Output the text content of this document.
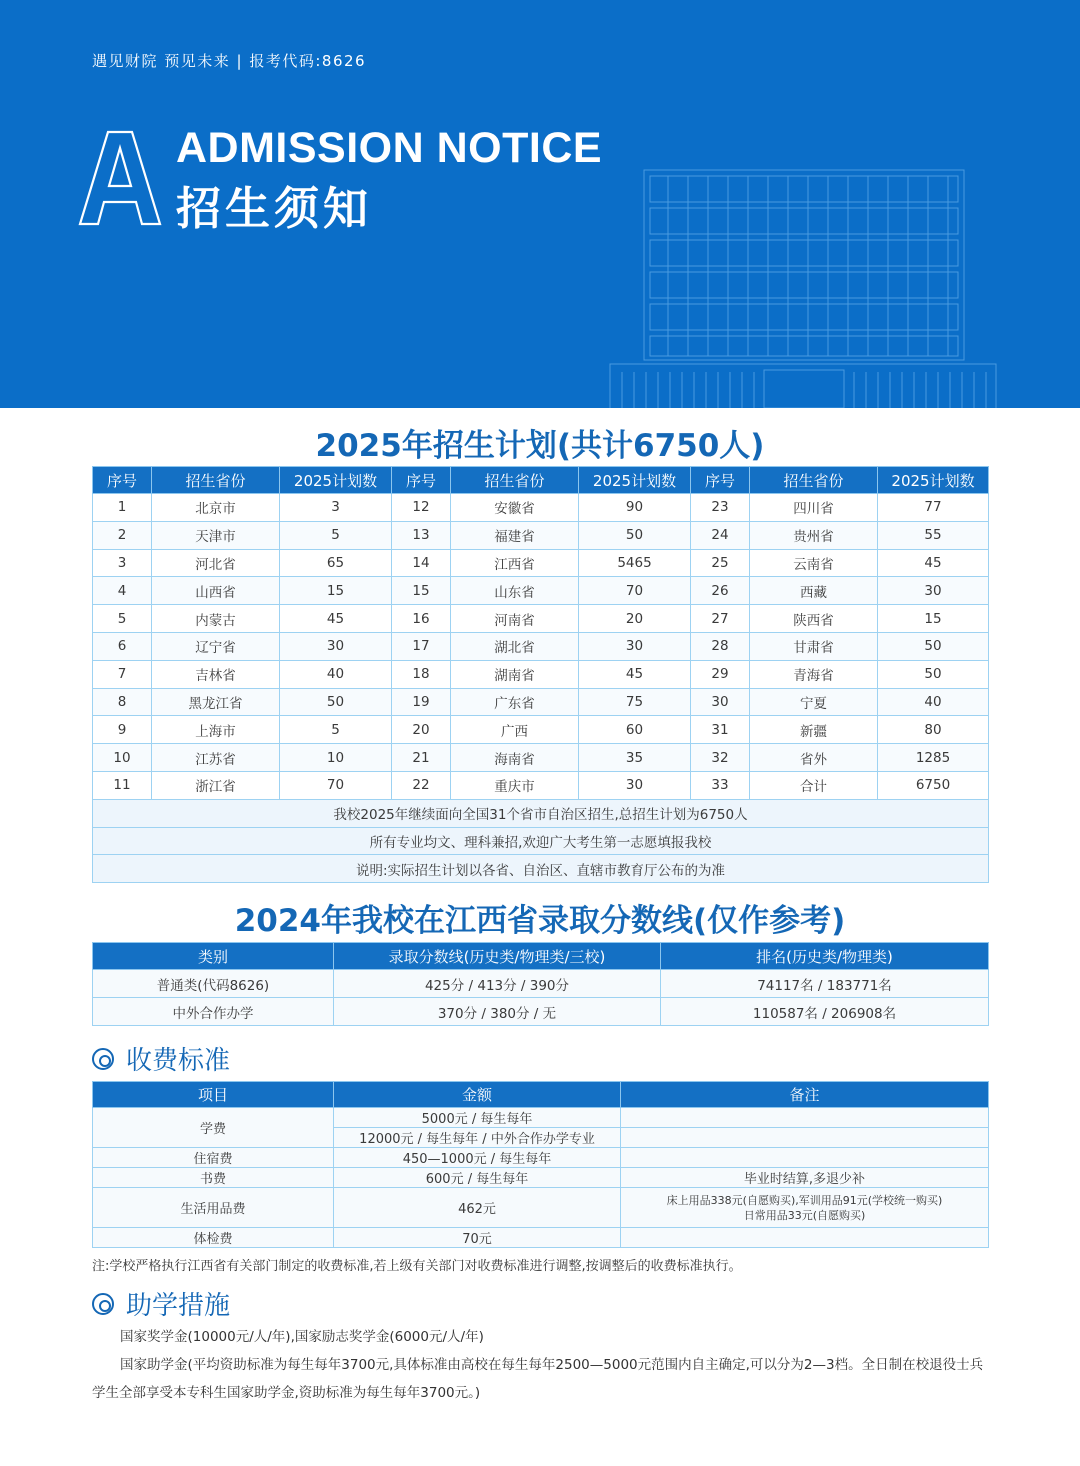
遇见财院 预见未来 | 报考代码:8626
ADMISSION NOTICE
招生须知
2025年招生计划(共计6750人)
序号	招生省份	2025计划数	序号	招生省份	2025计划数	序号	招生省份	2025计划数
1	北京市	3	12	安徽省	90	23	四川省	77
2	天津市	5	13	福建省	50	24	贵州省	55
3	河北省	65	14	江西省	5465	25	云南省	45
4	山西省	15	15	山东省	70	26	西藏	30
5	内蒙古	45	16	河南省	20	27	陕西省	15
6	辽宁省	30	17	湖北省	30	28	甘肃省	50
7	吉林省	40	18	湖南省	45	29	青海省	50
8	黑龙江省	50	19	广东省	75	30	宁夏	40
9	上海市	5	20	广西	60	31	新疆	80
10	江苏省	10	21	海南省	35	32	省外	1285
11	浙江省	70	22	重庆市	30	33	合计	6750
我校2025年继续面向全国31个省市自治区招生,总招生计划为6750人								
所有专业均文、理科兼招,欢迎广大考生第一志愿填报我校								
说明:实际招生计划以各省、自治区、直辖市教育厅公布的为准								
2024年我校在江西省录取分数线(仅作参考)
类别	录取分数线(历史类/物理类/三校)	排名(历史类/物理类)
普通类(代码8626)	425分 / 413分 / 390分	74117名 / 183771名
中外合作办学	370分 / 380分 / 无	110587名 / 206908名
收费标准
项目	金额	备注
学费	5000元 / 每生每年	
	12000元 / 每生每年 / 中外合作办学专业	
住宿费	450—1000元 / 每生每年	
书费	600元 / 每生每年	毕业时结算,多退少补
生活用品费	462元	床上用品338元(自愿购买),军训用品91元(学校统一购买)
日常用品33元(自愿购买)

体检费	70元	
注:学校严格执行江西省有关部门制定的收费标准,若上级有关部门对收费标准进行调整,按调整后的收费标准执行。
助学措施
国家奖学金(10000元/人/年),国家励志奖学金(6000元/人/年)
国家助学金(平均资助标准为每生每年3700元,具体标准由高校在每生每年2500—5000元范围内自主确定,可以分为2—3档。全日制在校退役士兵学生全部享受本专科生国家助学金,资助标准为每生每年3700元。)
